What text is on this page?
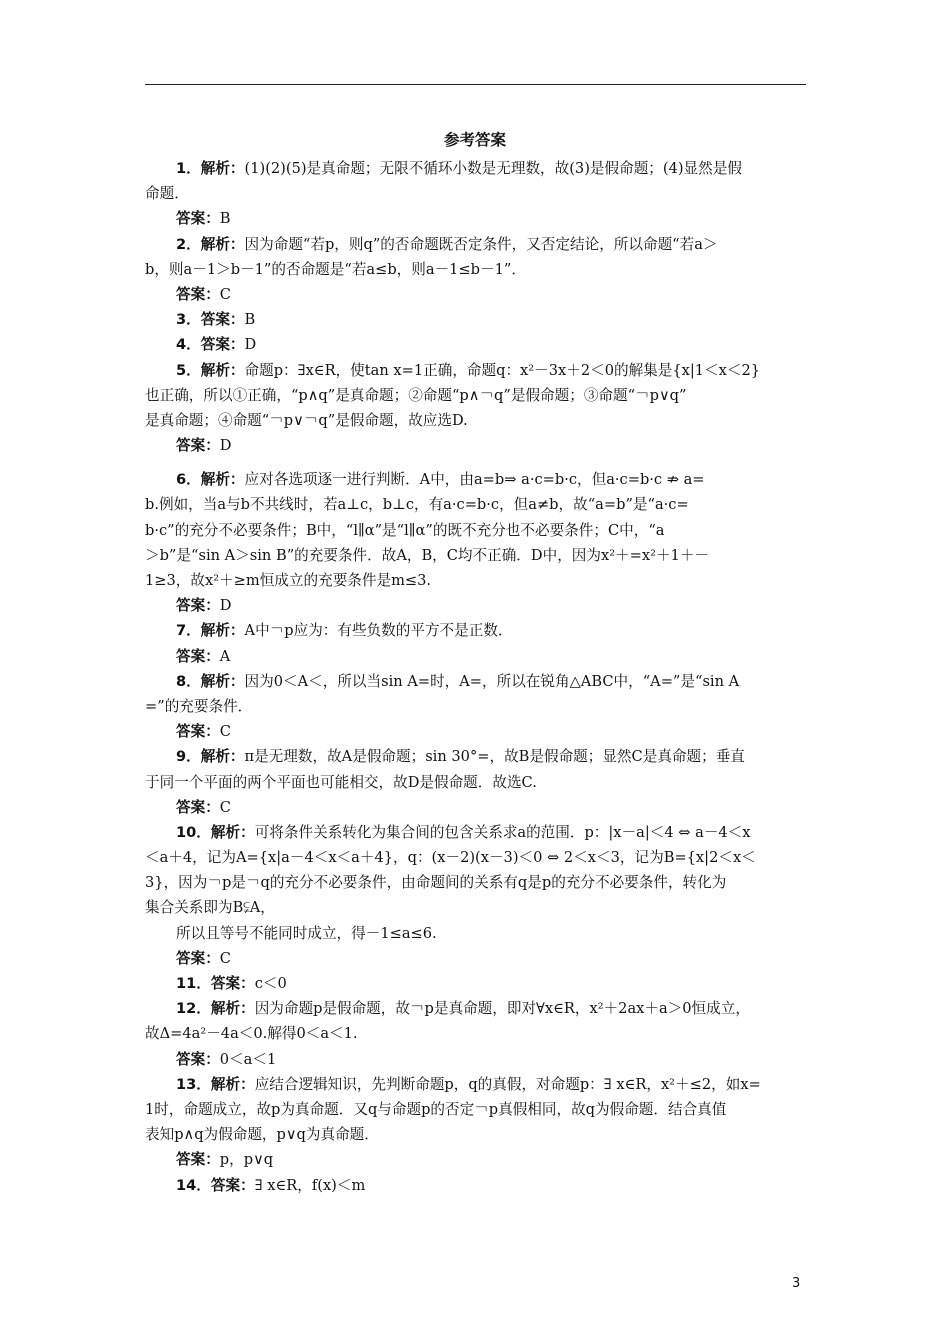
参考答案
1．解析：(1)(2)(5)是真命题；无限不循环小数是无理数，故(3)是假命题；(4)显然是假
命题．
答案：B
2．解析：因为命题“若p，则q”的否命题既否定条件，又否定结论，所以命题“若a＞
b，则a－1＞b－1”的否命题是“若a≤b，则a－1≤b－1”．
答案：C
3．答案：B
4．答案：D
5．解析：命题p：∃x∈R，使tan x=1正确，命题q：x²－3x＋2＜0的解集是{x|1＜x＜2}
也正确，所以①正确，“p∧q”是真命题；②命题“p∧￢q”是假命题；③命题“￢p∨q”
是真命题；④命题“￢p∨￢q”是假命题，故应选D.
答案：D
6．解析：应对各选项逐一进行判断．A中，由a=b⇒ a·c=b·c，但a·c=b·c ⇏ a=
b.例如，当a与b不共线时，若a⊥c，b⊥c，有a·c=b·c，但a≠b，故“a=b”是“a·c=
b·c”的充分不必要条件；B中，“l∥α”是“l∥α”的既不充分也不必要条件；C中，“a
＞b”是“sin A＞sin B”的充要条件．故A，B，C均不正确．D中，因为x²＋=x²＋1＋－
1≥3，故x²＋≥m恒成立的充要条件是m≤3.
答案：D
7．解析：A中￢p应为：有些负数的平方不是正数．
答案：A
8．解析：因为0＜A＜，所以当sin A=时，A=，所以在锐角△ABC中，“A=”是“sin A
=”的充要条件．
答案：C
9．解析：π是无理数，故A是假命题；sin 30°=，故B是假命题；显然C是真命题；垂直
于同一个平面的两个平面也可能相交，故D是假命题．故选C.
答案：C
10．解析：可将条件关系转化为集合间的包含关系求a的范围．p：|x－a|＜4 ⇔ a－4＜x
＜a＋4，记为A={x|a－4＜x＜a＋4}，q：(x－2)(x－3)＜0 ⇔ 2＜x＜3，记为B={x|2＜x＜
3}，因为￢p是￢q的充分不必要条件，由命题间的关系有q是p的充分不必要条件，转化为
集合关系即为B⫋A，
所以且等号不能同时成立，得－1≤a≤6.
答案：C
11．答案：c＜0
12．解析：因为命题p是假命题，故￢p是真命题，即对∀x∈R，x²＋2ax＋a＞0恒成立，
故Δ=4a²－4a＜0.解得0＜a＜1.
答案：0＜a＜1
13．解析：应结合逻辑知识，先判断命题p，q的真假，对命题p：∃ x∈R，x²＋≤2，如x=
1时，命题成立，故p为真命题．又q与命题p的否定￢p真假相同，故q为假命题．结合真值
表知p∧q为假命题，p∨q为真命题．
答案：p，p∨q
14．答案：∃ x∈R，f(x)＜m
3
